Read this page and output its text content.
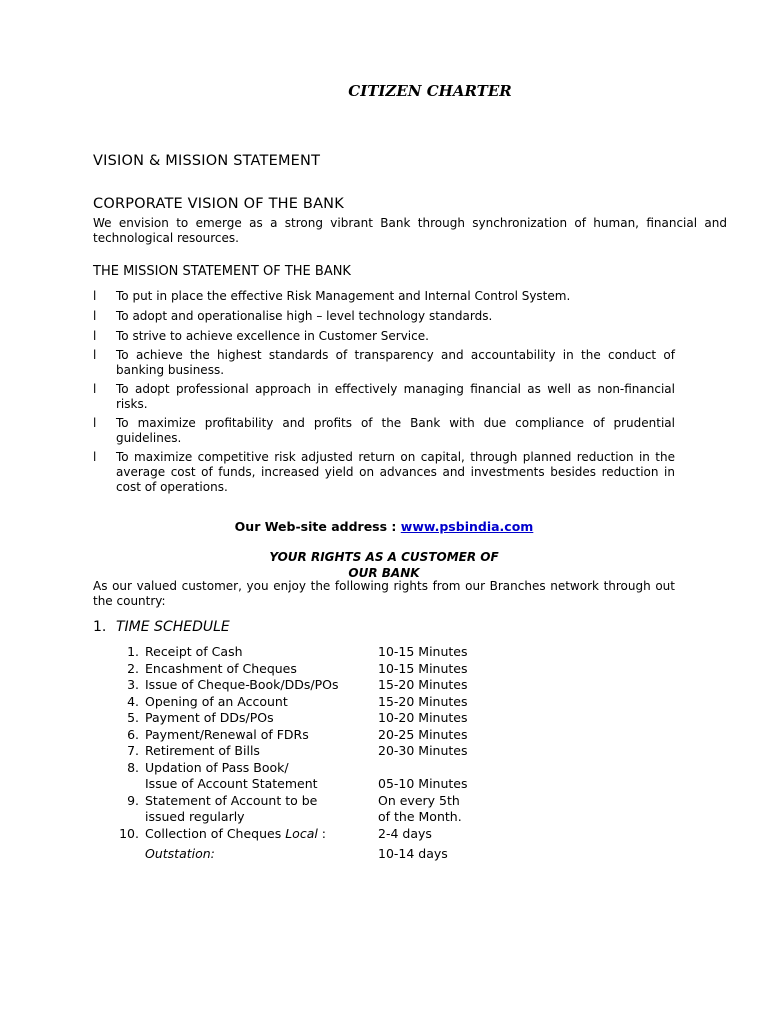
CITIZEN CHARTER
VISION & MISSION STATEMENT
CORPORATE VISION OF THE BANK
We envision to emerge as a strong vibrant Bank through synchronization of human, financial and technological resources.
THE MISSION STATEMENT OF THE BANK
l To put in place the effective Risk Management and Internal Control System.
l To adopt and operationalise high – level technology standards.
l To strive to achieve excellence in Customer Service.
l To achieve the highest standards of transparency and accountability in the conduct of banking business.
l To adopt professional approach in effectively managing financial as well as non-financial risks.
l To maximize profitability and profits of the Bank with due compliance of prudential guidelines.
l To maximize competitive risk adjusted return on capital, through planned reduction in the average cost of funds, increased yield on advances and investments besides reduction in cost of operations.
Our Web-site address : www.psbindia.com
YOUR RIGHTS AS A CUSTOMER OF
OUR BANK
As our valued customer, you enjoy the following rights from our Branches network through out the country:
1. TIME SCHEDULE
1. Receipt of Cash	10-15 Minutes
2. Encashment of Cheques	10-15 Minutes
3. Issue of Cheque-Book/DDs/POs	15-20 Minutes
4. Opening of an Account	15-20 Minutes
5. Payment of DDs/POs	10-20 Minutes
6. Payment/Renewal of FDRs	20-25 Minutes
7. Retirement of Bills	20-30 Minutes
8. Updation of Pass Book/
Issue of Account Statement	05-10 Minutes
9. Statement of Account to be	On every 5th
issued regularly	of the Month.
10. Collection of Cheques Local :	2-4 days
Outstation:	10-14 days
